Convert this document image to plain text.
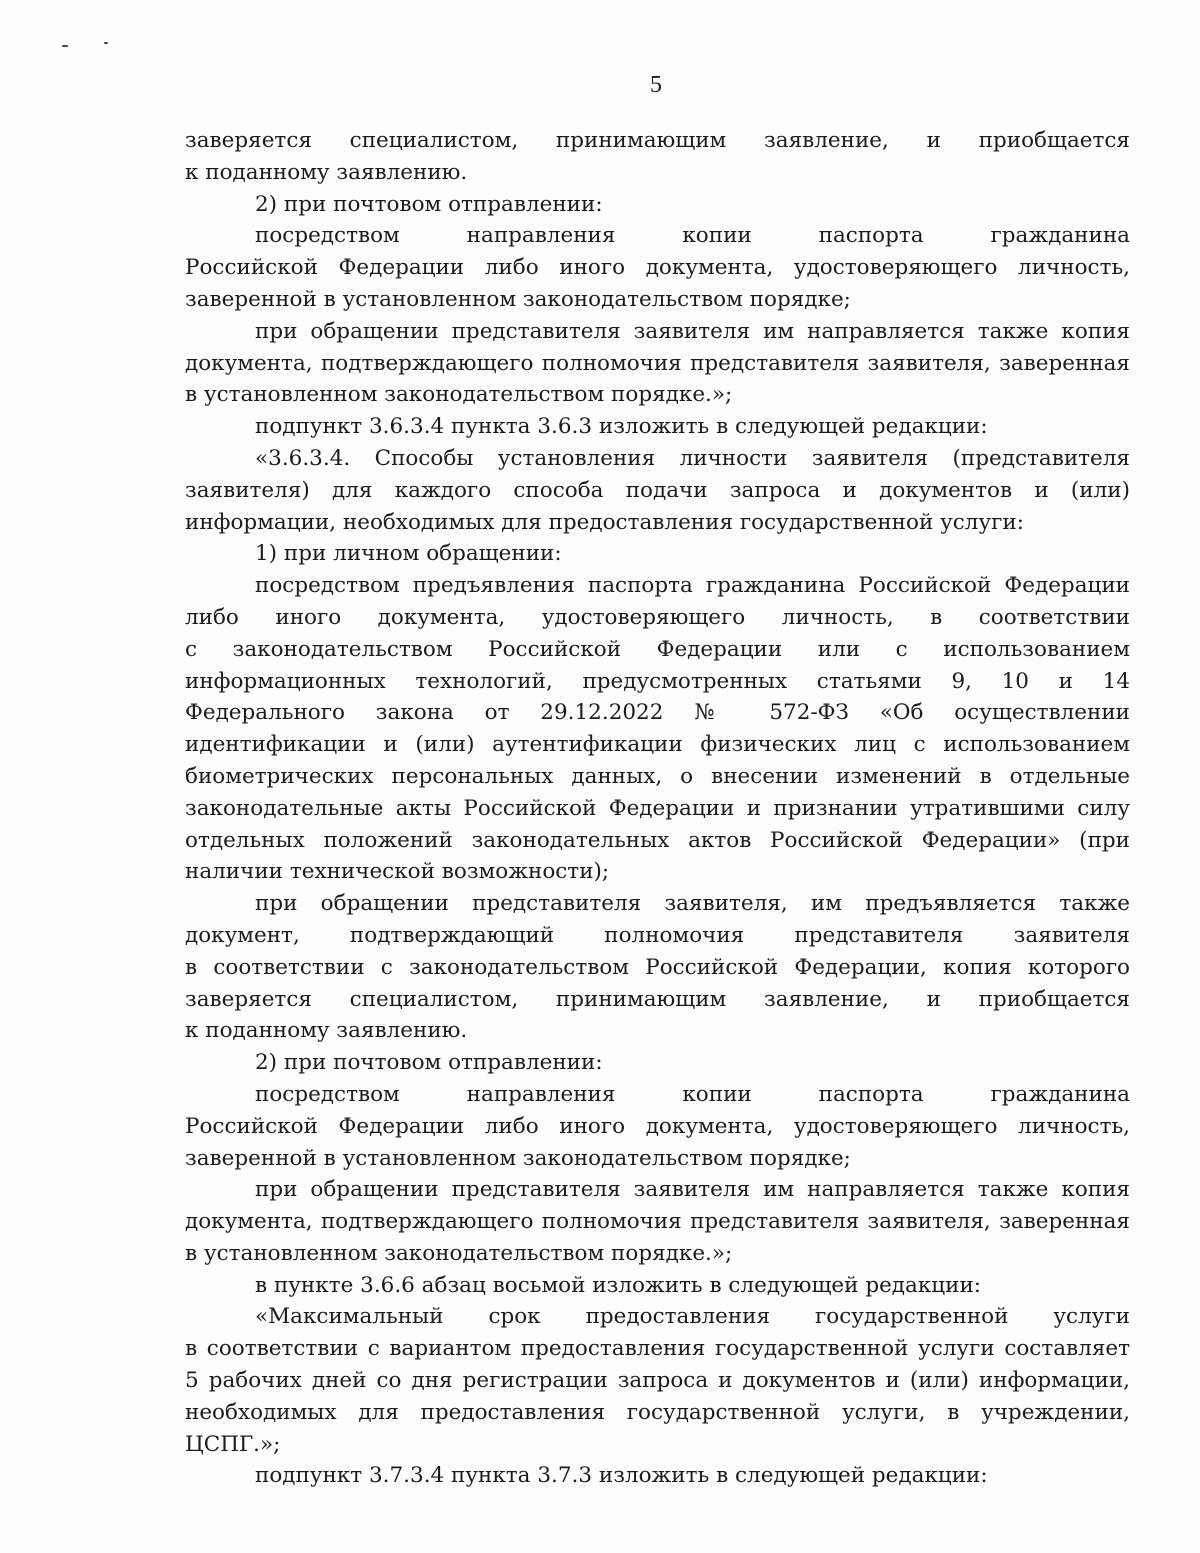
5

заверяется специалистом, принимающим заявление, и приобщается

к поданному заявлению.

2) при почтовом отправлении:

посредством направления копии паспорта гражданина

Российской Федерации либо иного документа, удостоверяющего личность,

заверенной в установленном законодательством порядке;

при обращении представителя заявителя им направляется также копия

документа, подтверждающего полномочия представителя заявителя, заверенная

в установленном законодательством порядке.»;

подпункт 3.6.3.4 пункта 3.6.3 изложить в следующей редакции:

«3.6.3.4. Способы установления личности заявителя (представителя

заявителя) для каждого способа подачи запроса и документов и (или)

информации, необходимых для предоставления государственной услуги:

1) при личном обращении:

посредством предъявления паспорта гражданина Российской Федерации

либо иного документа, удостоверяющего личность, в соответствии

с законодательством Российской Федерации или с использованием

информационных технологий, предусмотренных статьями 9, 10 и 14

Федерального закона от 29.12.2022 № 572-ФЗ «Об осуществлении

идентификации и (или) аутентификации физических лиц с использованием

биометрических персональных данных, о внесении изменений в отдельные

законодательные акты Российской Федерации и признании утратившими силу

отдельных положений законодательных актов Российской Федерации» (при

наличии технической возможности);

при обращении представителя заявителя, им предъявляется также

документ, подтверждающий полномочия представителя заявителя

в соответствии с законодательством Российской Федерации, копия которого

заверяется специалистом, принимающим заявление, и приобщается

к поданному заявлению.

2) при почтовом отправлении:

посредством направления копии паспорта гражданина

Российской Федерации либо иного документа, удостоверяющего личность,

заверенной в установленном законодательством порядке;

при обращении представителя заявителя им направляется также копия

документа, подтверждающего полномочия представителя заявителя, заверенная

в установленном законодательством порядке.»;

в пункте 3.6.6 абзац восьмой изложить в следующей редакции:

«Максимальный срок предоставления государственной услуги

в соответствии с вариантом предоставления государственной услуги составляет

5 рабочих дней со дня регистрации запроса и документов и (или) информации,

необходимых для предоставления государственной услуги, в учреждении,

ЦСПГ.»;

подпункт 3.7.3.4 пункта 3.7.3 изложить в следующей редакции:
